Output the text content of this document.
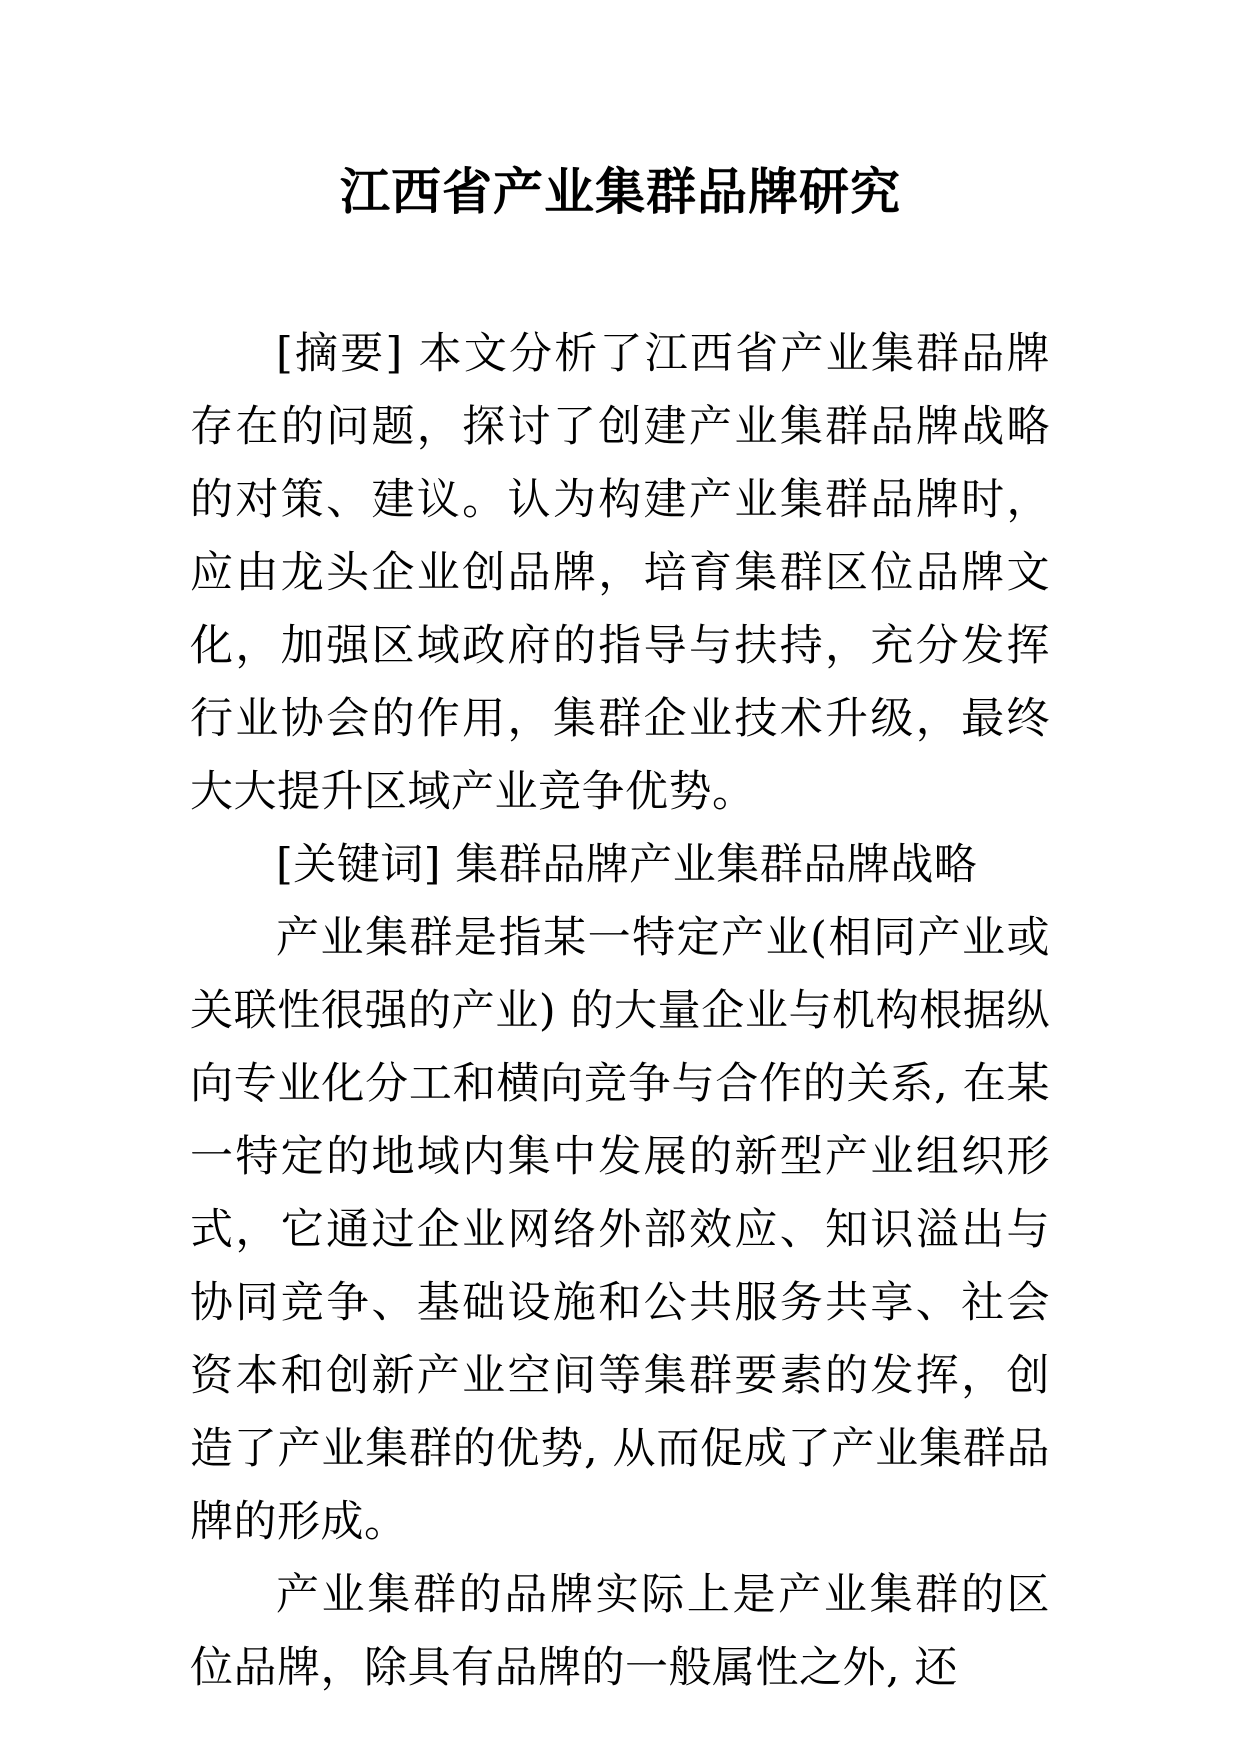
江西省产业集群品牌研究

[摘要] 本文分析了江西省产业集群品牌存在的问题，探讨了创建产业集群品牌战略的对策、建议。认为构建产业集群品牌时，应由龙头企业创品牌，培育集群区位品牌文化，加强区域政府的指导与扶持，充分发挥行业协会的作用，集群企业技术升级，最终大大提升区域产业竞争优势。

[关键词] 集群品牌产业集群品牌战略

产业集群是指某一特定产业(相同产业或关联性很强的产业) 的大量企业与机构根据纵向专业化分工和横向竞争与合作的关系, 在某一特定的地域内集中发展的新型产业组织形式，它通过企业网络外部效应、知识溢出与协同竞争、基础设施和公共服务共享、社会资本和创新产业空间等集群要素的发挥，创造了产业集群的优势, 从而促成了产业集群品牌的形成。

产业集群的品牌实际上是产业集群的区位品牌，除具有品牌的一般属性之外, 还
